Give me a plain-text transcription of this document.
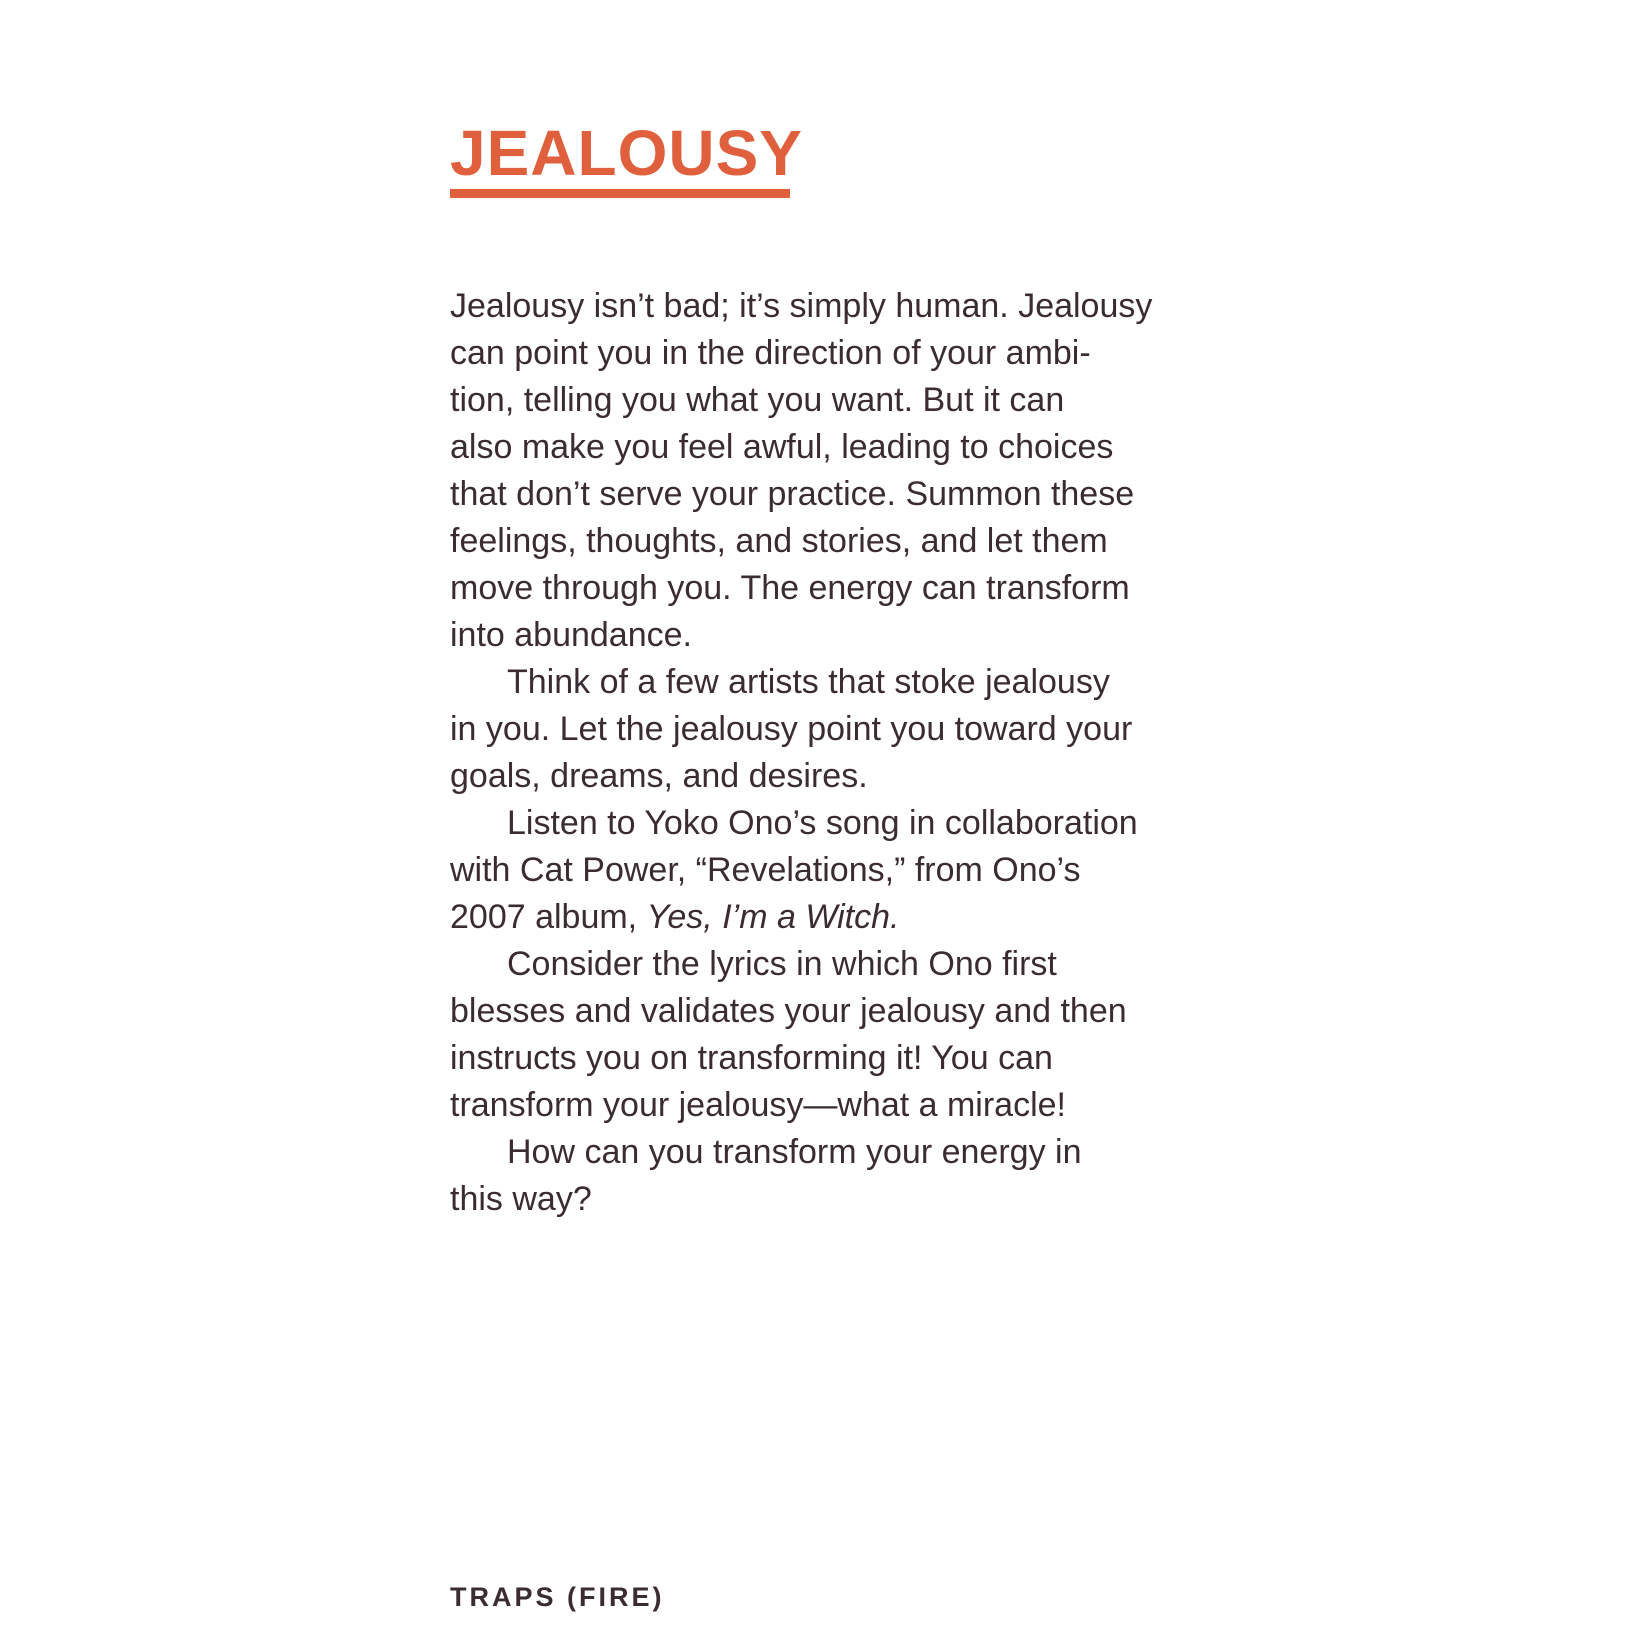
JEALOUSY
Jealousy isn’t bad; it’s simply human. Jealousy
can point you in the direction of your ambi-
tion, telling you what you want. But it can
also make you feel awful, leading to choices
that don’t serve your practice. Summon these
feelings, thoughts, and stories, and let them
move through you. The energy can transform
into abundance.
Think of a few artists that stoke jealousy
in you. Let the jealousy point you toward your
goals, dreams, and desires.
Listen to Yoko Ono’s song in collaboration
with Cat Power, “Revelations,” from Ono’s
2007 album, Yes, I’m a Witch.
Consider the lyrics in which Ono first
blesses and validates your jealousy and then
instructs you on transforming it! You can
transform your jealousy—what a miracle!
How can you transform your energy in
this way?

TRAPS (FIRE)
